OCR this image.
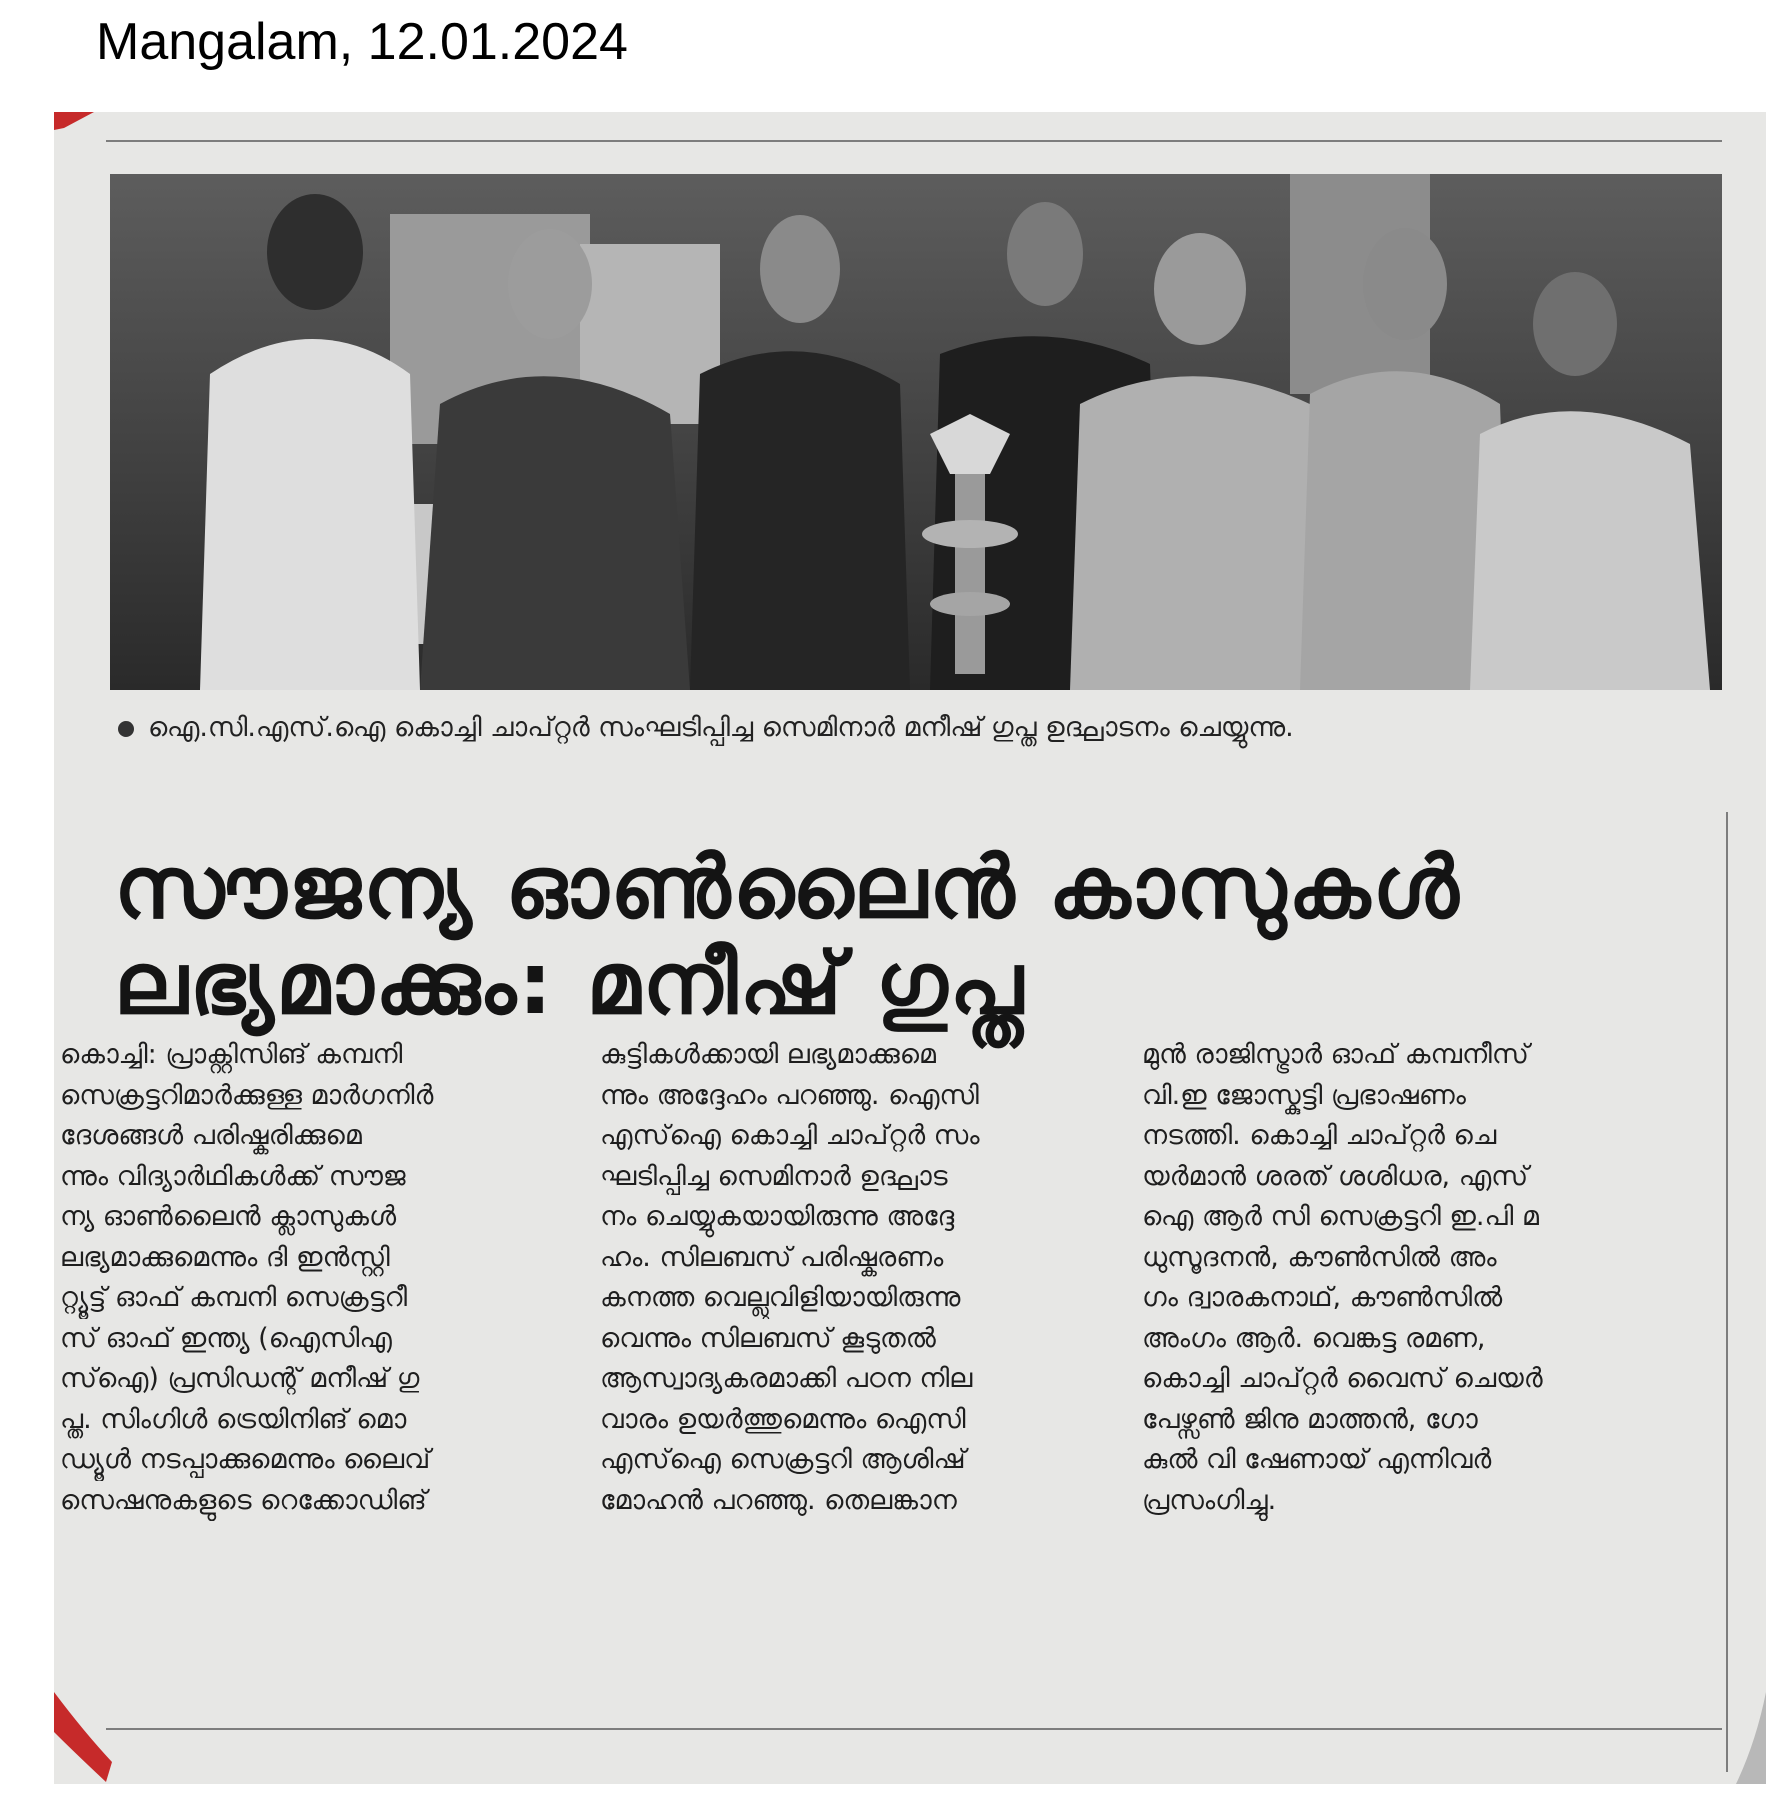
Mangalam, 12.01.2024
ഐ.സി.എസ്.ഐ കൊച്ചി ചാപ്റ്റർ സംഘടിപ്പിച്ച സെമിനാർ മനീഷ് ഗുപ്ത ഉദ്ഘാടനം ചെയ്യുന്നു.
സൗജന്യ ഓൺലൈൻ കാസുകൾ
ലഭ്യമാക്കും: മനീഷ് ഗുപ്ത
കൊച്ചി: പ്രാക്റ്റിസിങ് കമ്പനി
സെക്രട്ടറിമാർക്കുള്ള മാർഗനിർ
ദേശങ്ങൾ പരിഷ്കരിക്കുമെ
ന്നും വിദ്യാർഥികൾക്ക് സൗജ
ന്യ ഓൺലൈൻ ക്ലാസുകൾ
ലഭ്യമാക്കുമെന്നും ദി ഇൻസ്റ്റി
റ്റ്യൂട്ട് ഓഫ് കമ്പനി സെക്രട്ടറീ
സ് ഓഫ് ഇന്ത്യ (ഐസിഎ
സ്ഐ) പ്രസിഡന്റ് മനീഷ് ഗു
പ്ത. സിംഗിൾ ട്രെയിനിങ് മൊ
ഡ്യൂൾ നടപ്പാക്കുമെന്നും ലൈവ്
സെഷനുകളുടെ റെക്കോഡിങ്
കുട്ടികൾക്കായി ലഭ്യമാക്കുമെ
ന്നും അദ്ദേഹം പറഞ്ഞു. ഐസി
എസ്ഐ കൊച്ചി ചാപ്റ്റർ സം
ഘടിപ്പിച്ച സെമിനാർ ഉദ്ഘാട
നം ചെയ്യുകയായിരുന്നു അദ്ദേ
ഹം. സിലബസ് പരിഷ്കരണം
കനത്ത വെല്ലുവിളിയായിരുന്നു
വെന്നും സിലബസ് കൂടുതൽ
ആസ്വാദ്യകരമാക്കി പഠന നില
വാരം ഉയർത്തുമെന്നും ഐസി
എസ്ഐ സെക്രട്ടറി ആശിഷ്
മോഹൻ പറഞ്ഞു. തെലങ്കാന
മുൻ രാജിസ്ട്രാർ ഓഫ് കമ്പനീസ്
വി.ഇ ജോസ്കുട്ടി പ്രഭാഷണം
നടത്തി. കൊച്ചി ചാപ്റ്റർ ചെ
യർമാൻ ശരത് ശശിധര, എസ്
ഐ ആർ സി സെക്രട്ടറി ഇ.പി മ
ധുസൂദനൻ, കൗൺസിൽ അം
ഗം ദ്വാരകനാഥ്, കൗൺസിൽ
അംഗം ആർ. വെങ്കട്ട രമണ,
കൊച്ചി ചാപ്റ്റർ വൈസ് ചെയർ
പേഴ്സൺ ജിനു മാത്തൻ, ഗോ
കുൽ വി ഷേണായ് എന്നിവർ
പ്രസംഗിച്ചു.
